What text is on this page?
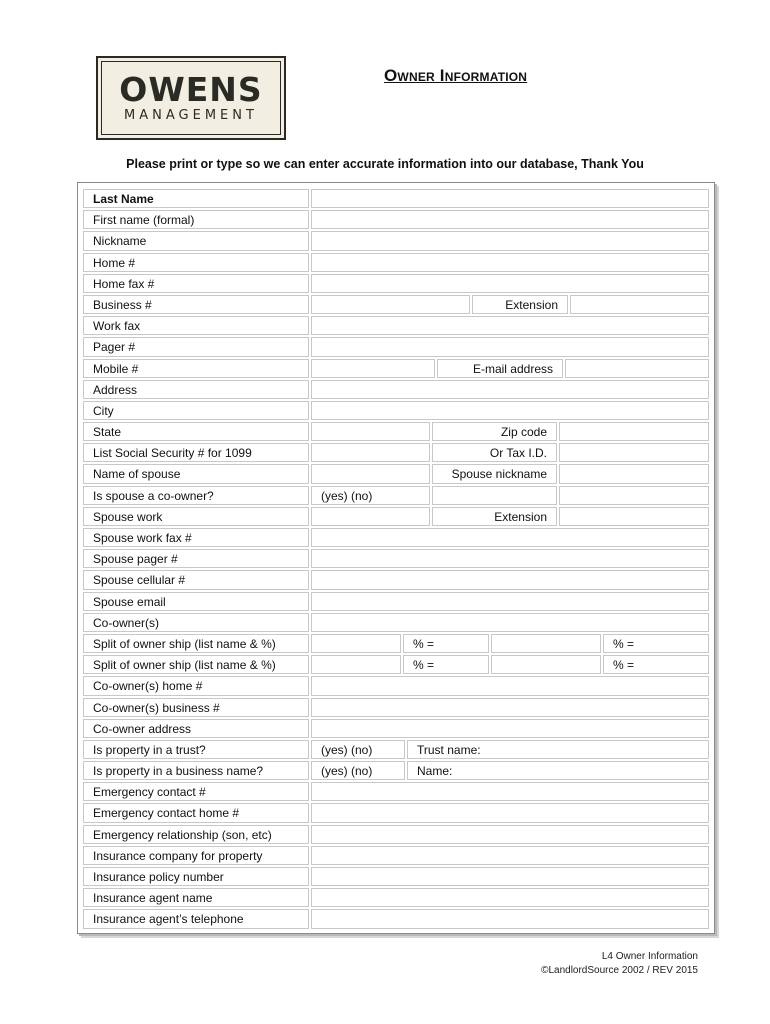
OWENS
MANAGEMENT
Owner Information
Please print or type so we can enter accurate information into our database, Thank You
Last Name
First name (formal)
Nickname
Home #
Home fax #
Business #	Extension
Work fax
Pager #
Mobile #	E-mail address
Address
City
State	Zip code
List Social Security # for 1099	Or Tax I.D.
Name of spouse	Spouse nickname
Is spouse a co-owner?	(yes) (no)
Spouse work	Extension
Spouse work fax #
Spouse pager #
Spouse cellular #
Spouse email
Co-owner(s)
Split of owner ship (list name & %)	% =	% =
Split of owner ship (list name & %)	% =	% =
Co-owner(s) home #
Co-owner(s) business #
Co-owner address
Is property in a trust?	(yes) (no)	Trust name:
Is property in a business name?	(yes) (no)	Name:
Emergency contact #
Emergency contact home #
Emergency relationship (son, etc)
Insurance company for property
Insurance policy number
Insurance agent name
Insurance agent’s telephone
L4 Owner Information
©LandlordSource 2002 / REV 2015
